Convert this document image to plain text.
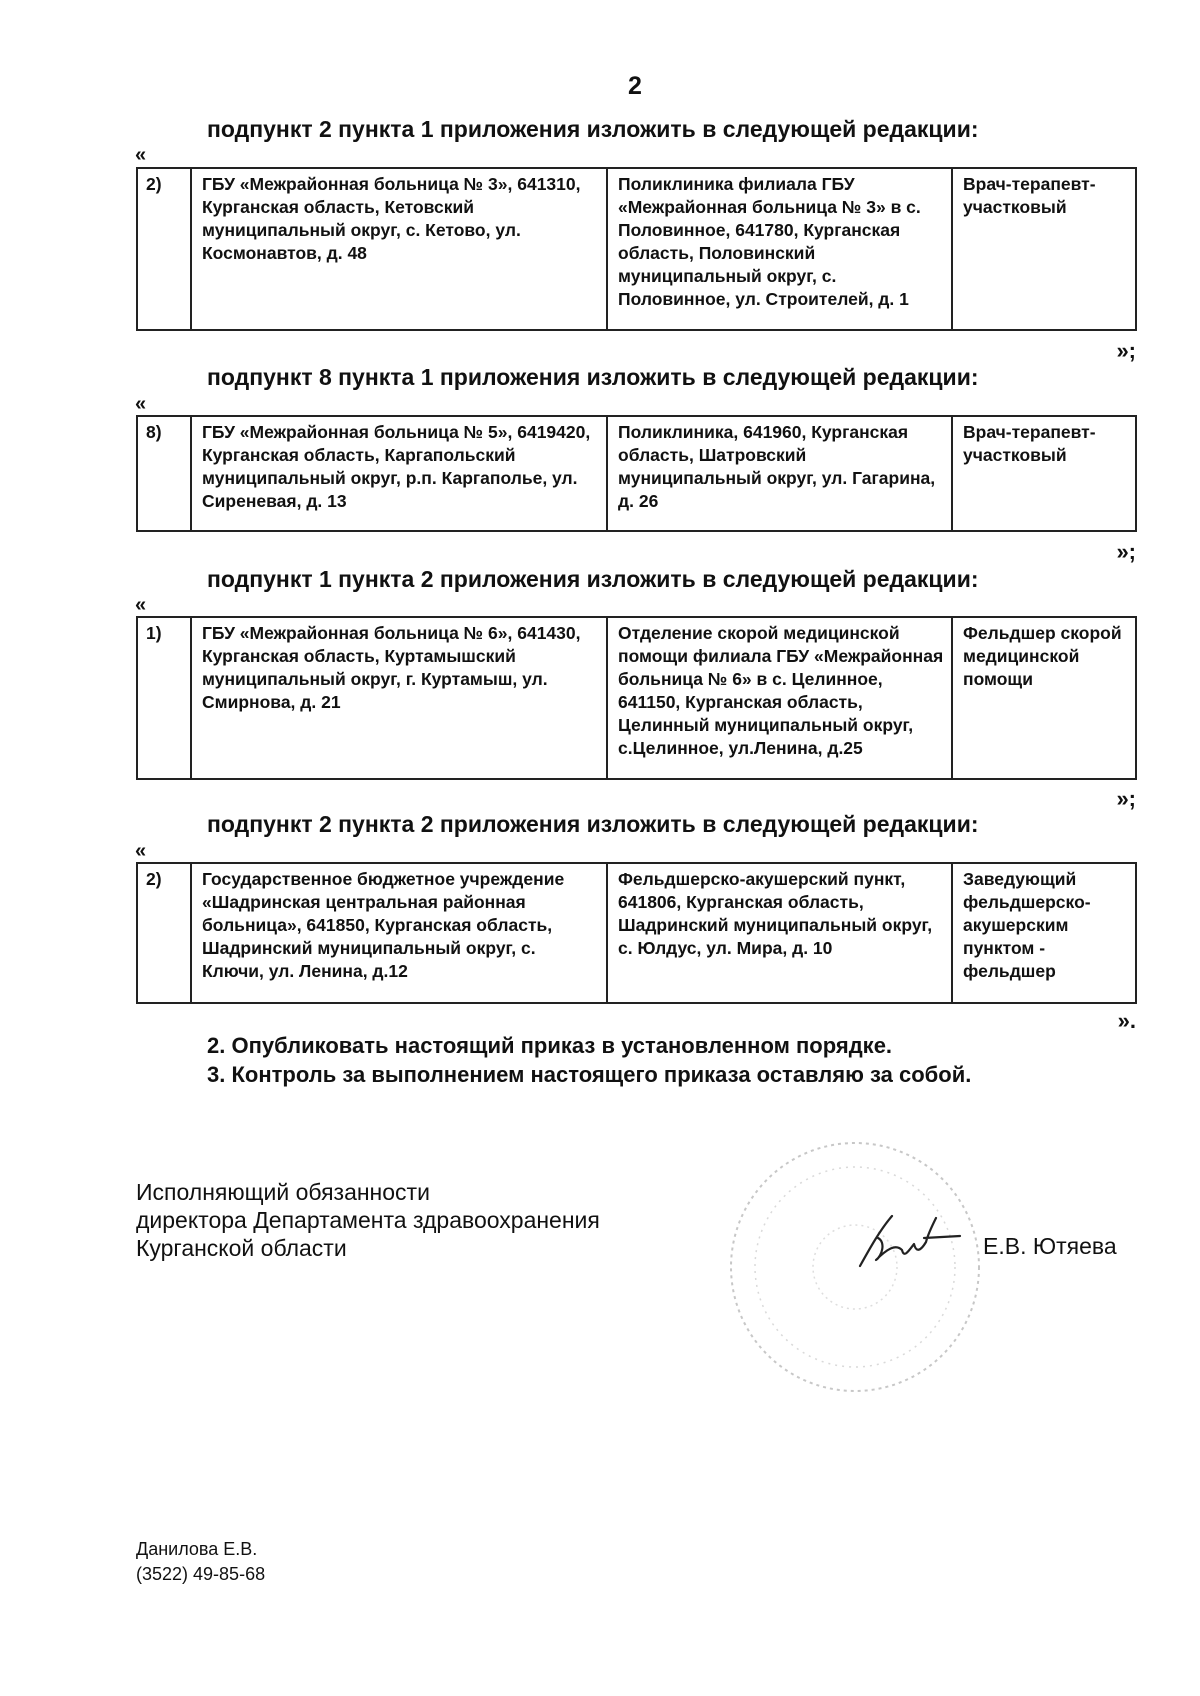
2
подпункт 2 пункта 1 приложения изложить в следующей редакции:
«
2)	ГБУ «Межрайонная больница № 3», 641310, Курганская область, Кетовский муниципальный округ, с. Кетово, ул. Космонавтов, д. 48	Поликлиника филиала ГБУ «Межрайонная больница № 3» в с. Половинное, 641780, Курганская область, Половинский муниципальный округ, с. Половинное, ул. Строителей, д. 1	Врач-терапевт-участковый
»;
подпункт 8 пункта 1 приложения изложить в следующей редакции:
«
8)	ГБУ «Межрайонная больница № 5», 6419420, Курганская область, Каргапольский муниципальный округ, р.п. Каргаполье, ул. Сиреневая, д. 13	Поликлиника, 641960, Курганская область, Шатровский муниципальный округ, ул. Гагарина, д. 26	Врач-терапевт-участковый
»;
подпункт 1 пункта 2 приложения изложить в следующей редакции:
«
1)	ГБУ «Межрайонная больница № 6», 641430, Курганская область, Куртамышский муниципальный округ, г. Куртамыш, ул. Смирнова, д. 21	Отделение скорой медицинской помощи филиала ГБУ «Межрайонная больница № 6» в с. Целинное, 641150, Курганская область, Целинный муниципальный округ, с.Целинное, ул.Ленина, д.25	Фельдшер скорой медицинской помощи
»;
подпункт 2 пункта 2 приложения изложить в следующей редакции:
«
2)	Государственное бюджетное учреждение «Шадринская центральная районная больница», 641850, Курганская область, Шадринский муниципальный округ, с. Ключи, ул. Ленина, д.12	Фельдшерско-акушерский пункт, 641806, Курганская область, Шадринский муниципальный округ, с. Юлдус, ул. Мира, д. 10	Заведующий фельдшерско-акушерским пунктом - фельдшер
».
2. Опубликовать настоящий приказ в установленном порядке.
3. Контроль за выполнением настоящего приказа оставляю за собой.
Исполняющий обязанности
директора Департамента здравоохранения
Курганской области	Е.В. Ютяева
Данилова Е.В.
(3522) 49-85-68
